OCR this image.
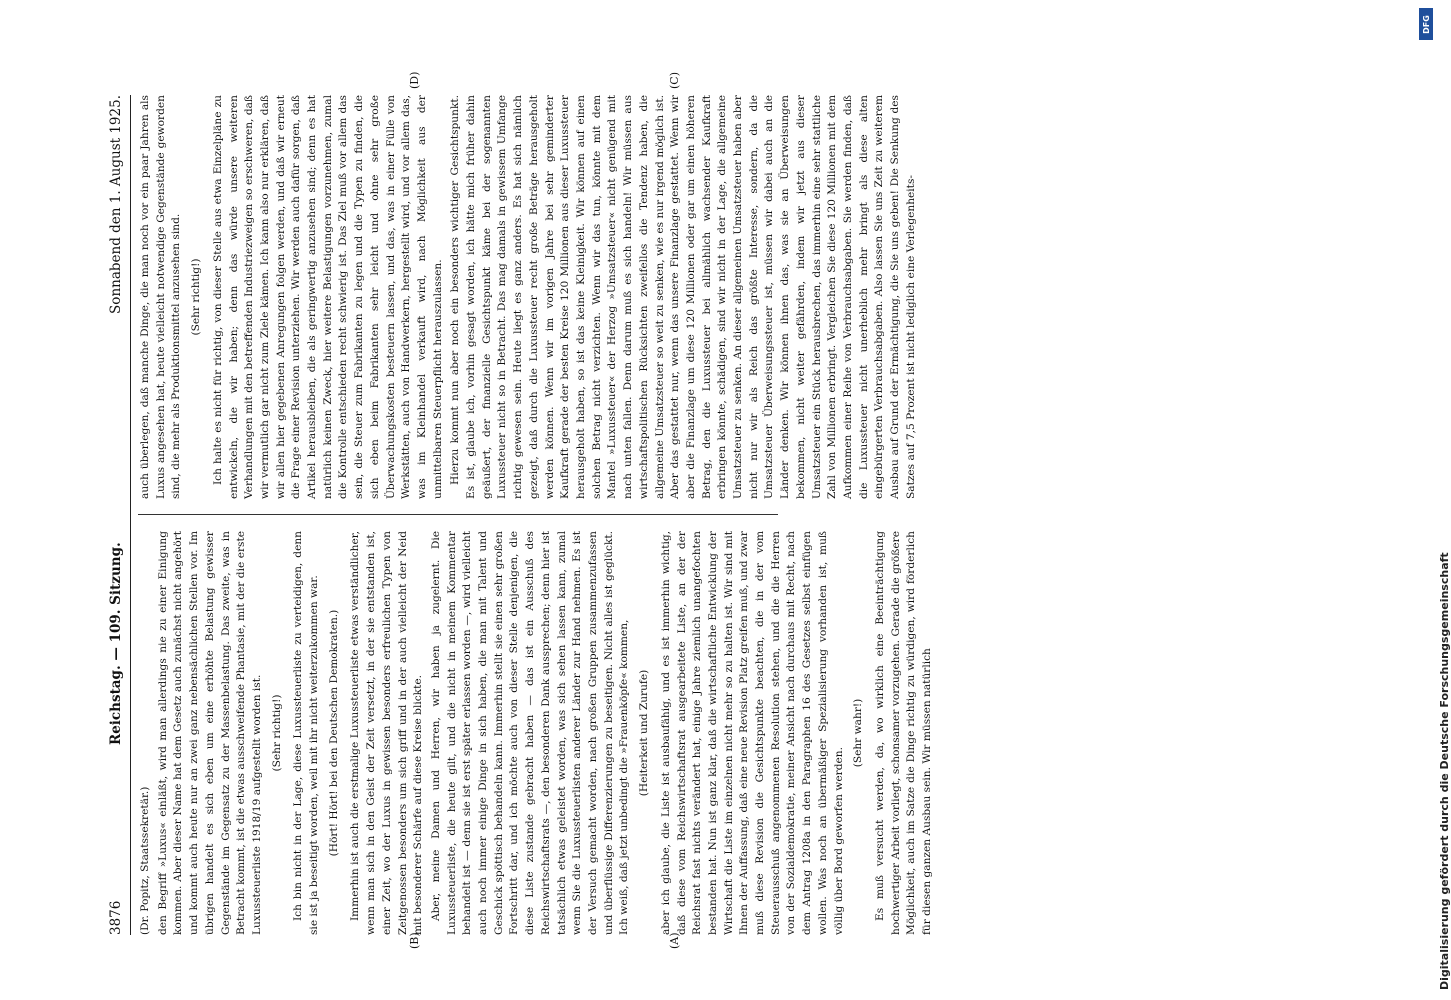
3876
Reichstag. — 109. Sitzung.
Sonnabend den 1. August 1925.

(Dr. Popitz, Staatssekretär.) den Begriff »Luxus« einläßt, wird man allerdings nie zu einer Einigung kommen. Aber dieser Name hat dem Gesetz auch zunächst nicht angehört und kommt auch heute nur an zwei ganz nebensächlichen Stellen vor. Im übrigen handelt es sich eben um eine erhöhte Belastung gewisser Gegenstände im Gegensatz zu der Massenbelastung. Das zweite, was in Betracht kommt, ist die etwas ausschweifende Phantasie, mit der die erste Luxussteuerliste 1918/19 aufgestellt worden ist. (Sehr richtig!) Ich bin nicht in der Lage, diese Luxussteuerliste zu verteidigen, denn sie ist ja beseitigt worden, weil mit ihr nicht weiterzukommen war. (Hört! Hört! bei den Deutschen Demokraten.) Immerhin ist auch die erstmalige Luxussteuerliste etwas verständlicher, wenn man sich in den Geist der Zeit versetzt, in der sie entstanden ist, einer Zeit, wo der Luxus in gewissen besonders erfreulichen Typen von Zeitgenossen besonders um sich griff und in der auch vielleicht der Neid mit besonderer Schärfe auf diese Kreise blickte. Aber, meine Damen und Herren, wir haben ja zugelernt. Die Luxussteuerliste, die heute gilt, und die nicht in meinem Kommentar behandelt ist — denn sie ist erst später erlassen worden —, wird vielleicht auch noch immer einige Dinge in sich haben, die man mit Talent und Geschick spöttisch behandeln kann. Immerhin stellt sie einen sehr großen Fortschritt dar, und ich möchte auch von dieser Stelle denjenigen, die diese Liste zustande gebracht haben — das ist ein Ausschuß des Reichswirtschaftsrats —, den besonderen Dank aussprechen; denn hier ist tatsächlich etwas geleistet worden, was sich sehen lassen kann, zumal wenn Sie die Luxussteuerlisten anderer Länder zur Hand nehmen. Es ist der Versuch gemacht worden, nach großen Gruppen zusammenzufassen und überflüssige Differenzierungen zu beseitigen. Nicht alles ist geglückt. Ich weiß, daß jetzt unbedingt die »Frauenköpfe« kommen, (Heiterkeit und Zurufe) aber ich glaube, die Liste ist ausbaufähig, und es ist immerhin wichtig, daß diese vom Reichswirtschaftsrat ausgearbeitete Liste, an der der Reichsrat fast nichts verändert hat, einige Jahre ziemlich unangefochten bestanden hat. Nun ist ganz klar, daß die wirtschaftliche Entwicklung der Wirtschaft die Liste im einzelnen nicht mehr so zu halten ist. Wir sind mit Ihnen der Auffassung, daß eine neue Revision Platz greifen muß, und zwar muß diese Revision die Gesichtspunkte beachten, die in der vom Steuerausschuß angenommenen Resolution stehen, und die die Herren von der Sozialdemokratie, meiner Ansicht nach durchaus mit Recht, nach dem Antrag 1208a in den Paragraphen 16 des Gesetzes selbst einfügen wollen. Was noch an übermäßiger Spezialisierung vorhanden ist, muß völlig über Bord geworfen werden.

(Sehr wahr!) Es muß versucht werden, da, wo wirklich eine Beeinträchtigung hochwertiger Arbeit vorliegt, schonsamer vorzugehen. Gerade die größere Möglichkeit, auch im Satze die Dinge richtig zu würdigen, wird förderlich für diesen ganzen Ausbau sein. Wir müssen natürlich

auch überlegen, daß manche Dinge, die man noch vor ein paar Jahren als Luxus angesehen hat, heute vielleicht notwendige Gegenstände geworden sind, die mehr als Produktionsmittel anzusehen sind. (Sehr richtig!) Ich halte es nicht für richtig, von dieser Stelle aus etwa Einzelpläne zu entwickeln, die wir haben; denn das würde unsere weiteren Verhandlungen mit den betreffenden Industriezweigen so erschweren, daß wir vermutlich gar nicht zum Ziele kämen. Ich kann also nur erklären, daß wir allen hier gegebenen Anregungen folgen werden, und daß wir erneut die Frage einer Revision unterziehen. Wir werden auch dafür sorgen, daß Artikel herausbleiben, die als geringwertig anzusehen sind; denn es hat natürlich keinen Zweck, hier weitere Belastigungen vorzunehmen, zumal die Kontrolle entschieden recht schwierig ist. Das Ziel muß vor allem das sein, die Steuer zum Fabrikanten zu legen und die Typen zu finden, die sich eben beim Fabrikanten sehr leicht und ohne sehr große Überwachungskosten besteuern lassen, und das, was in einer Fülle von Werkstätten, auch von Handwerkern, hergestellt wird, und vor allem das, was im Kleinhandel verkauft wird, nach Möglichkeit aus der unmittelbaren Steuerpflicht herauszulassen. Hierzu kommt nun aber noch ein besonders wichtiger Gesichtspunkt. Es ist, glaube ich, vorhin gesagt worden, ich hätte mich früher dahin geäußert, der finanzielle Gesichtspunkt käme bei der sogenannten Luxussteuer nicht so in Betracht. Das mag damals in gewissem Umfange richtig gewesen sein. Heute liegt es ganz anders. Es hat sich nämlich gezeigt, daß durch die Luxussteuer recht große Beträge herausgeholt werden können. Wenn wir im vorigen Jahre bei sehr geminderter Kaufkraft gerade der besten Kreise 120 Millionen aus dieser Luxussteuer herausgeholt haben, so ist das keine Kleinigkeit. Wir können auf einen solchen Betrag nicht verzichten. Wenn wir das tun, könnte mit dem Mantel »Luxussteuer« der Herzog »Umsatzsteuer« nicht genügend mit nach unten fallen. Denn darum muß es sich handeln! Wir müssen aus wirtschaftspolitischen Rücksichten zweifellos die Tendenz haben, die allgemeine Umsatzsteuer so weit zu senken, wie es nur irgend möglich ist. Aber das gestattet nur, wenn das unsere Finanzlage gestattet. Wenn wir aber die Finanzlage um diese 120 Millionen oder gar um einen höheren Betrag, den die Luxussteuer bei allmählich wachsender Kaufkraft erbringen könnte, schädigen, sind wir nicht in der Lage, die allgemeine Umsatzsteuer zu senken. An dieser allgemeinen Umsatzsteuer haben aber nicht nur wir als Reich das größte Interesse, sondern, da die Umsatzsteuer Überweisungssteuer ist, müssen wir dabei auch an die Länder denken. Wir können ihnen das, was sie an Überweisungen bekommen, nicht weiter gefährden, indem wir jetzt aus dieser Umsatzsteuer ein Stück herausbrechen, das immerhin eine sehr stattliche Zahl von Millionen erbringt. Vergleichen Sie diese 120 Millionen mit dem Aufkommen einer Reihe von Verbrauchsabgaben. Sie werden finden, daß die Luxussteuer nicht unerheblich mehr bringt als diese alten eingebürgerten Verbrauchsabgaben. Also lassen Sie uns Zeit zu weiterem Ausbau auf Grund der Ermächtigung, die Sie uns geben! Die Senkung des Satzes auf 7,5 Prozent ist nicht lediglich eine Verlegenheits-

(A)
(B)
(C)
(D)
DFG
Digitalisierung gefördert durch die Deutsche Forschungsgemeinschaft
